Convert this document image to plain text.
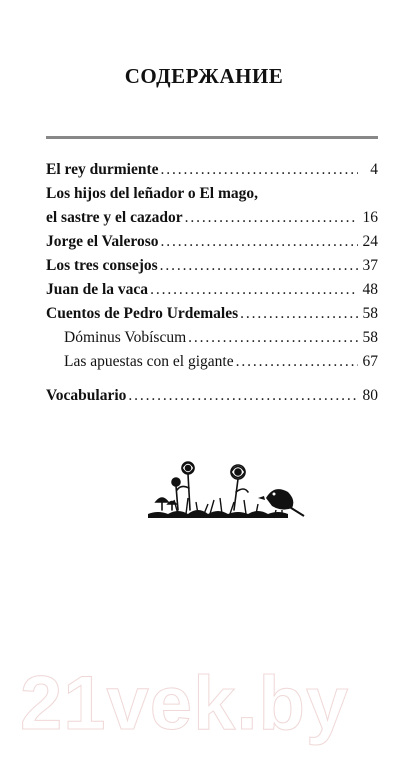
СОДЕРЖАНИЕ
El rey durmiente . . .	4
Los hijos del leñador o El mago,
el sastre y el cazador . . .	16
Jorge el Valeroso . . .	24
Los tres consejos . . .	37
Juan de la vaca . . .	48
Cuentos de Pedro Urdemales . . .	58
Dóminus Vobíscum . . .	58
Las apuestas con el gigante . . .	67
Vocabulario . . .	80
21vek.by
